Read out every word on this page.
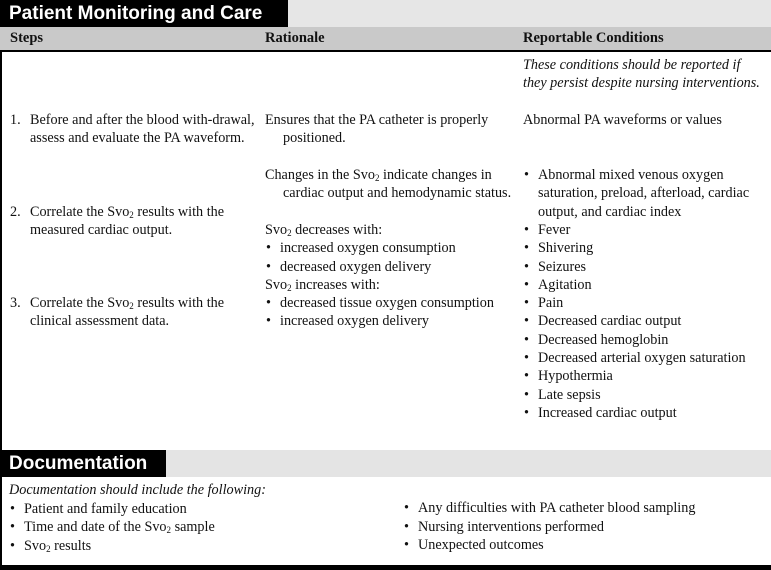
Patient Monitoring and Care
Steps	Rationale	Reportable Conditions
These conditions should be reported if they persist despite nursing interventions.
1. Before and after the blood with-drawal, assess and evaluate the PA waveform.
Ensures that the PA catheter is properly positioned.
Abnormal PA waveforms or values
2. Correlate the Svo$_2$ results with the measured cardiac output.
Changes in the Svo$_2$ indicate changes in cardiac output and hemodynamic status.

• Abnormal mixed venous oxygen saturation, preload, afterload, cardiac output, and cardiac index

3. Correlate the Svo$_2$ results with the clinical assessment data.

Svo$_2$ decreases with:

• increased oxygen consumption

• decreased oxygen delivery

Svo$_2$ increases with:

• decreased tissue oxygen consumption

• increased oxygen delivery

• Fever

• Shivering

• Seizures

• Agitation

• Pain

• Decreased cardiac output

• Decreased hemoglobin

• Decreased arterial oxygen saturation

• Hypothermia

• Late sepsis

• Increased cardiac output

Documentation

Documentation should include the following:

• Patient and family education

• Time and date of the Svo$_2$ sample

• Svo$_2$ results

• Any difficulties with PA catheter blood sampling

• Nursing interventions performed

• Unexpected outcomes
